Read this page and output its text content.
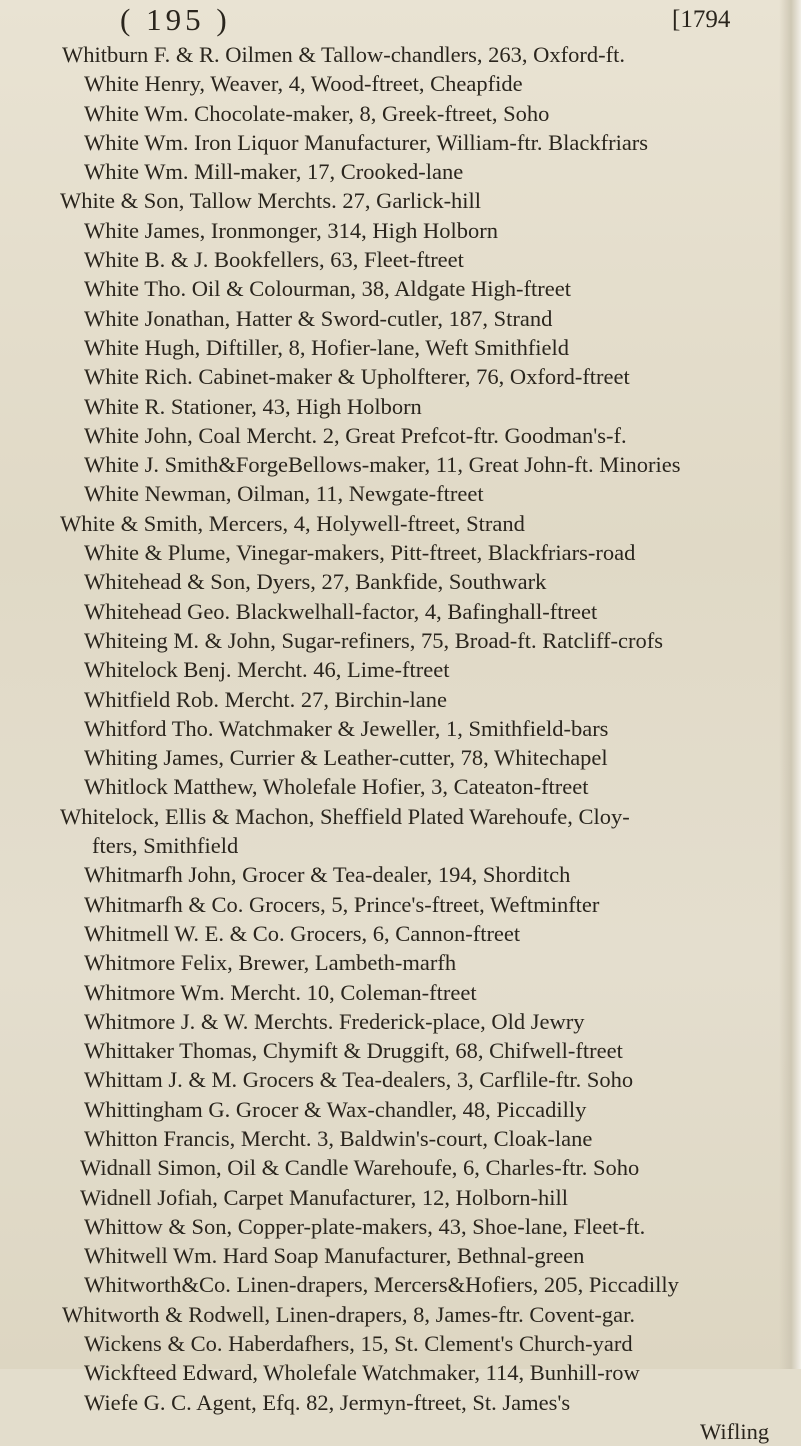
( 195 )	[1794
Whitburn F. & R. Oilmen & Tallow-chandlers, 263, Oxford-ft.
White Henry, Weaver, 4, Wood-ftreet, Cheapfide
White Wm. Chocolate-maker, 8, Greek-ftreet, Soho
White Wm. Iron Liquor Manufacturer, William-ftr. Blackfriars
White Wm. Mill-maker, 17, Crooked-lane
White & Son, Tallow Merchts. 27, Garlick-hill
White James, Ironmonger, 314, High Holborn
White B. & J. Bookfellers, 63, Fleet-ftreet
White Tho. Oil & Colourman, 38, Aldgate High-ftreet
White Jonathan, Hatter & Sword-cutler, 187, Strand
White Hugh, Diftiller, 8, Hofier-lane, Weft Smithfield
White Rich. Cabinet-maker & Upholfterer, 76, Oxford-ftreet
White R. Stationer, 43, High Holborn
White John, Coal Mercht. 2, Great Prefcot-ftr. Goodman's-f.
White J. Smith&ForgeBellows-maker, 11, Great John-ft. Minories
White Newman, Oilman, 11, Newgate-ftreet
White & Smith, Mercers, 4, Holywell-ftreet, Strand
White & Plume, Vinegar-makers, Pitt-ftreet, Blackfriars-road
Whitehead & Son, Dyers, 27, Bankfide, Southwark
Whitehead Geo. Blackwelhall-factor, 4, Bafinghall-ftreet
Whiteing M. & John, Sugar-refiners, 75, Broad-ft. Ratcliff-crofs
Whitelock Benj. Mercht. 46, Lime-ftreet
Whitfield Rob. Mercht. 27, Birchin-lane
Whitford Tho. Watchmaker & Jeweller, 1, Smithfield-bars
Whiting James, Currier & Leather-cutter, 78, Whitechapel
Whitlock Matthew, Wholefale Hofier, 3, Cateaton-ftreet
Whitelock, Ellis & Machon, Sheffield Plated Warehoufe, Cloy-
fters, Smithfield
Whitmarfh John, Grocer & Tea-dealer, 194, Shorditch
Whitmarfh & Co. Grocers, 5, Prince's-ftreet, Weftminfter
Whitmell W. E. & Co. Grocers, 6, Cannon-ftreet
Whitmore Felix, Brewer, Lambeth-marfh
Whitmore Wm. Mercht. 10, Coleman-ftreet
Whitmore J. & W. Merchts. Frederick-place, Old Jewry
Whittaker Thomas, Chymift & Druggift, 68, Chifwell-ftreet
Whittam J. & M. Grocers & Tea-dealers, 3, Carflile-ftr. Soho
Whittingham G. Grocer & Wax-chandler, 48, Piccadilly
Whitton Francis, Mercht. 3, Baldwin's-court, Cloak-lane
Widnall Simon, Oil & Candle Warehoufe, 6, Charles-ftr. Soho
Widnell Jofiah, Carpet Manufacturer, 12, Holborn-hill
Whittow & Son, Copper-plate-makers, 43, Shoe-lane, Fleet-ft.
Whitwell Wm. Hard Soap Manufacturer, Bethnal-green
Whitworth&Co. Linen-drapers, Mercers&Hofiers, 205, Piccadilly
Whitworth & Rodwell, Linen-drapers, 8, James-ftr. Covent-gar.
Wickens & Co. Haberdafhers, 15, St. Clement's Church-yard
Wickfteed Edward, Wholefale Watchmaker, 114, Bunhill-row
Wiefe G. C. Agent, Efq. 82, Jermyn-ftreet, St. James's
Wifling
